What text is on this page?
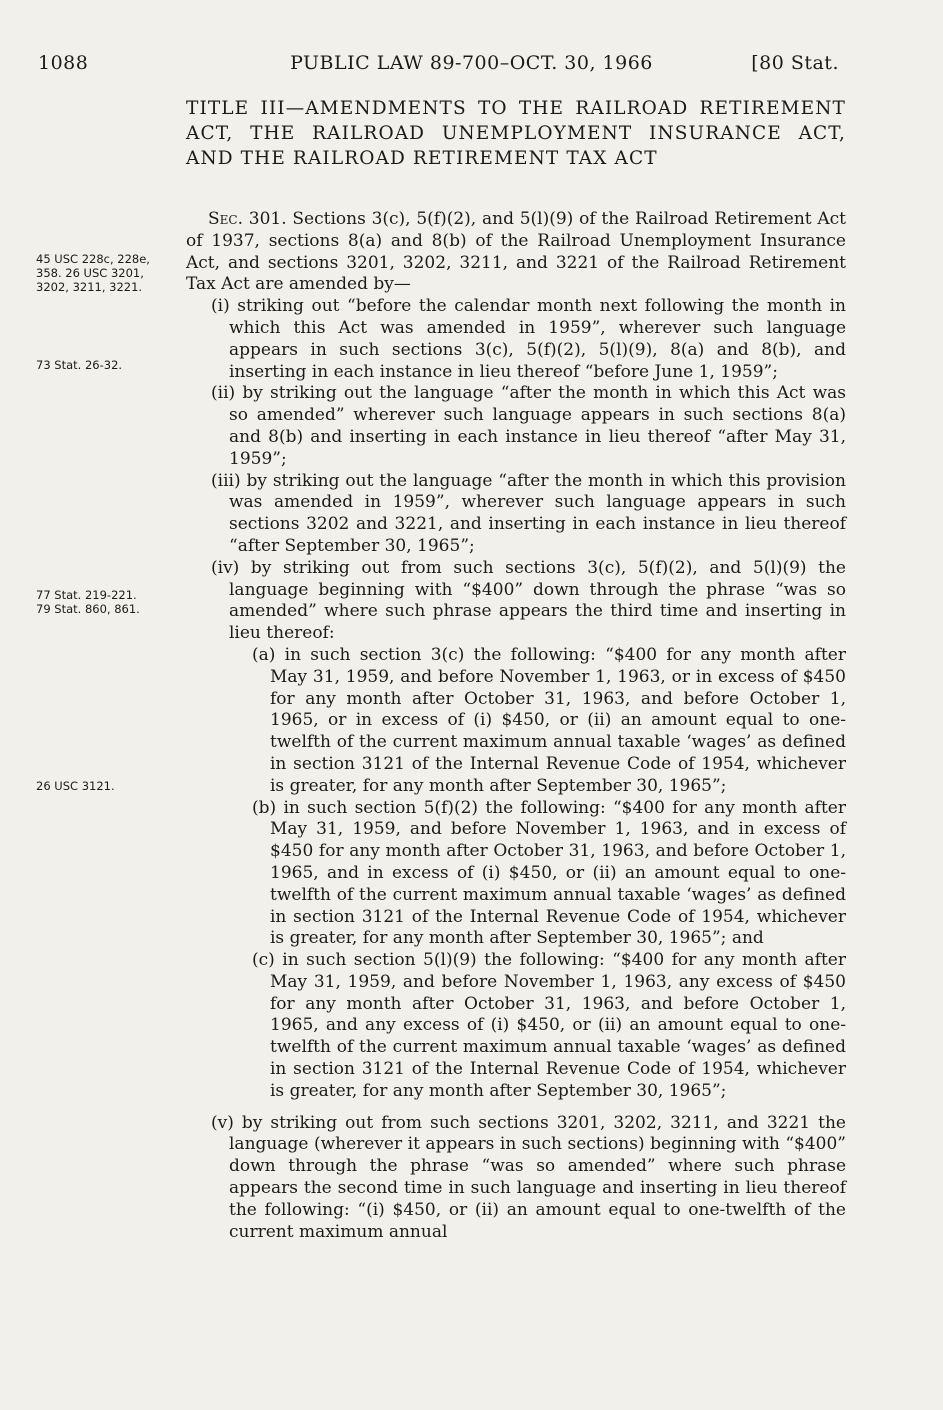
1088	PUBLIC LAW 89-700–OCT. 30, 1966	[80 Stat.
TITLE III—AMENDMENTS TO THE RAILROAD RETIREMENT ACT, THE RAILROAD UNEMPLOYMENT INSURANCE ACT, AND THE RAILROAD RETIREMENT TAX ACT
45 USC 228c, 228e, 358. 26 USC 3201, 3202, 3211, 3221.
73 Stat. 26-32.
77 Stat. 219-221. 79 Stat. 860, 861.
26 USC 3121.

Sec. 301. Sections 3(c), 5(f)(2), and 5(l)(9) of the Railroad Retirement Act of 1937, sections 8(a) and 8(b) of the Railroad Unemployment Insurance Act, and sections 3201, 3202, 3211, and 3221 of the Railroad Retirement Tax Act are amended by—

(i) striking out “before the calendar month next following the month in which this Act was amended in 1959”, wherever such language appears in such sections 3(c), 5(f)(2), 5(l)(9), 8(a) and 8(b), and inserting in each instance in lieu thereof “before June 1, 1959”;

(ii) by striking out the language “after the month in which this Act was so amended” wherever such language appears in such sections 8(a) and 8(b) and inserting in each instance in lieu thereof “after May 31, 1959”;

(iii) by striking out the language “after the month in which this provision was amended in 1959”, wherever such language appears in such sections 3202 and 3221, and inserting in each instance in lieu thereof “after September 30, 1965”;

(iv) by striking out from such sections 3(c), 5(f)(2), and 5(l)(9) the language beginning with “$400” down through the phrase “was so amended” where such phrase appears the third time and inserting in lieu thereof:

(a) in such section 3(c) the following: “$400 for any month after May 31, 1959, and before November 1, 1963, or in excess of $450 for any month after October 31, 1963, and before October 1, 1965, or in excess of (i) $450, or (ii) an amount equal to one-twelfth of the current maximum annual taxable ‘wages’ as defined in section 3121 of the Internal Revenue Code of 1954, whichever is greater, for any month after September 30, 1965”;

(b) in such section 5(f)(2) the following: “$400 for any month after May 31, 1959, and before November 1, 1963, and in excess of $450 for any month after October 31, 1963, and before October 1, 1965, and in excess of (i) $450, or (ii) an amount equal to one-twelfth of the current maximum annual taxable ‘wages’ as defined in section 3121 of the Internal Revenue Code of 1954, whichever is greater, for any month after September 30, 1965”; and

(c) in such section 5(l)(9) the following: “$400 for any month after May 31, 1959, and before November 1, 1963, any excess of $450 for any month after October 31, 1963, and before October 1, 1965, and any excess of (i) $450, or (ii) an amount equal to one-twelfth of the current maximum annual taxable ‘wages’ as defined in section 3121 of the Internal Revenue Code of 1954, whichever is greater, for any month after September 30, 1965”;

(v) by striking out from such sections 3201, 3202, 3211, and 3221 the language (wherever it appears in such sections) beginning with “$400” down through the phrase “was so amended” where such phrase appears the second time in such language and inserting in lieu thereof the following: “(i) $450, or (ii) an amount equal to one-twelfth of the current maximum annual
